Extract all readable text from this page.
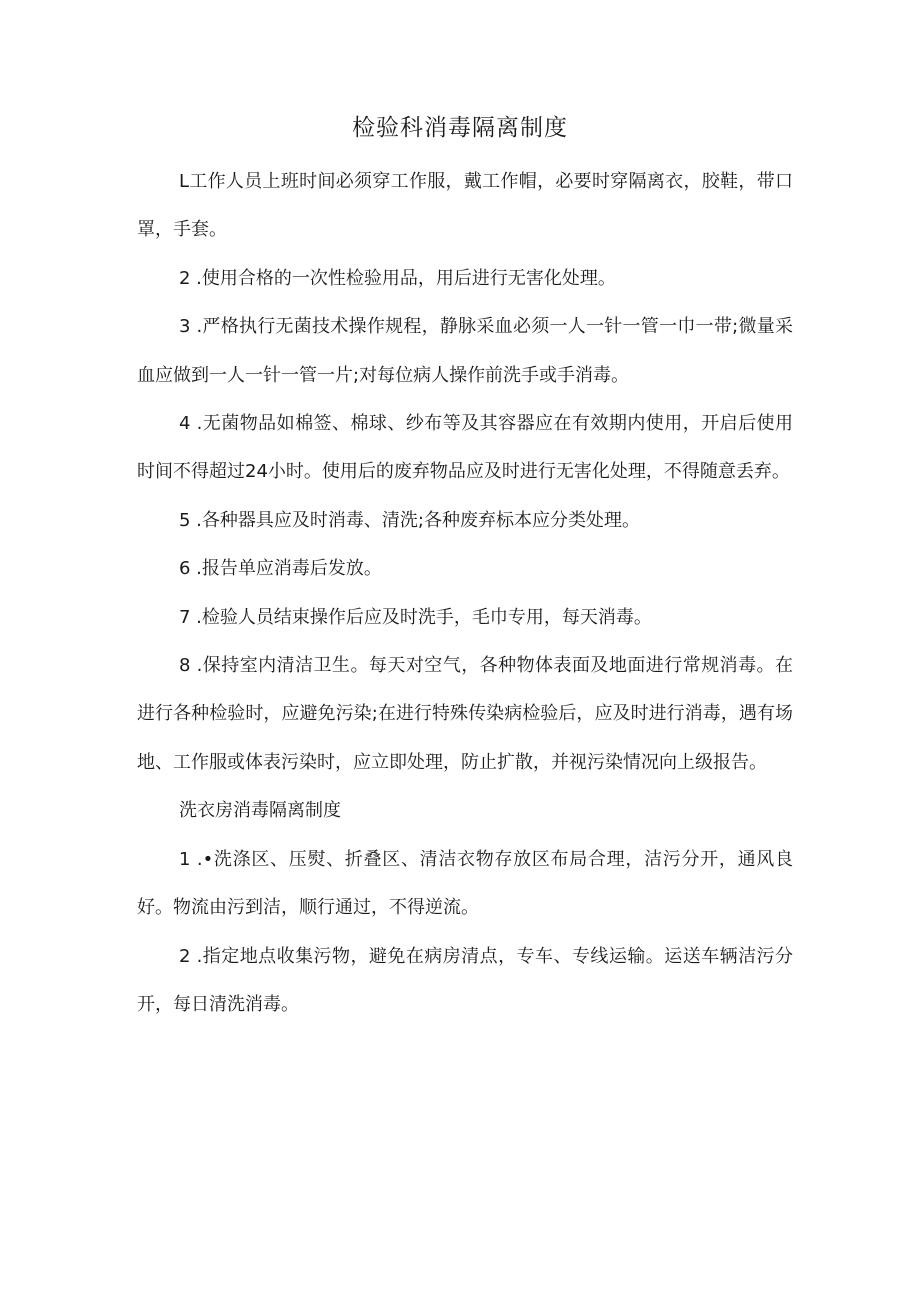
检验科消毒隔离制度

L工作人员上班时间必须穿工作服，戴工作帽，必要时穿隔离衣，胶鞋，带口罩，手套。

2 .使用合格的一次性检验用品，用后进行无害化处理。

3 .严格执行无菌技术操作规程，静脉采血必须一人一针一管一巾一带;微量采血应做到一人一针一管一片;对每位病人操作前洗手或手消毒。

4 .无菌物品如棉签、棉球、纱布等及其容器应在有效期内使用，开启后使用时间不得超过24小时。使用后的废弃物品应及时进行无害化处理，不得随意丢弃。

5 .各种器具应及时消毒、清洗;各种废弃标本应分类处理。

6 .报告单应消毒后发放。

7 .检验人员结束操作后应及时洗手，毛巾专用，每天消毒。

8 .保持室内清洁卫生。每天对空气，各种物体表面及地面进行常规消毒。在进行各种检验时，应避免污染;在进行特殊传染病检验后，应及时进行消毒，遇有场地、工作服或体表污染时，应立即处理，防止扩散，并视污染情况向上级报告。

洗衣房消毒隔离制度

1 .•洗涤区、压熨、折叠区、清洁衣物存放区布局合理，洁污分开，通风良好。物流由污到洁，顺行通过，不得逆流。

2 .指定地点收集污物，避免在病房清点，专车、专线运输。运送车辆洁污分开，每日清洗消毒。
